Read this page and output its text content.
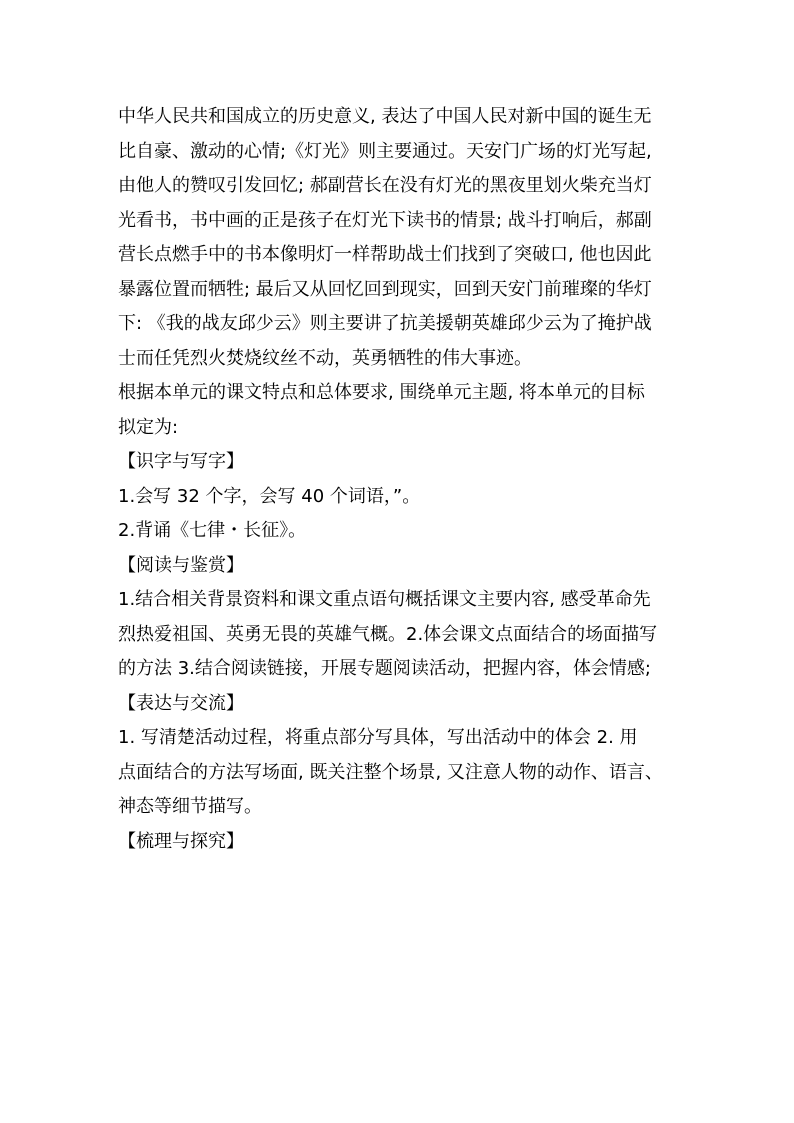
中华人民共和国成立的历史意义, 表达了中国人民对新中国的诞生无
比自豪、激动的心情;《灯光》则主要通过。天安门广场的灯光写起,
由他人的赞叹引发回忆; 郝副营长在没有灯光的黑夜里划火柴充当灯
光看书，书中画的正是孩子在灯光下读书的情景; 战斗打响后，郝副
营长点燃手中的书本像明灯一样帮助战士们找到了突破口, 他也因此
暴露位置而牺牲; 最后又从回忆回到现实，回到天安门前璀璨的华灯
下: 《我的战友邱少云》则主要讲了抗美援朝英雄邱少云为了掩护战
士而任凭烈火焚烧纹丝不动，英勇牺牲的伟大事迹。
根据本单元的课文特点和总体要求, 围绕单元主题, 将本单元的目标
拟定为:
【识字与写字】
1.会写 32 个字，会写 40 个词语，”。
2.背诵《七律・长征》。
【阅读与鉴赏】
1.结合相关背景资料和课文重点语句概括课文主要内容, 感受革命先
烈热爱祖国、英勇无畏的英雄气概。2.体会课文点面结合的场面描写
的方法 3.结合阅读链接，开展专题阅读活动，把握内容，体会情感;
【表达与交流】
1. 写清楚活动过程，将重点部分写具体，写出活动中的体会 2. 用
点面结合的方法写场面, 既关注整个场景, 又注意人物的动作、语言、
神态等细节描写。
【梳理与探究】
